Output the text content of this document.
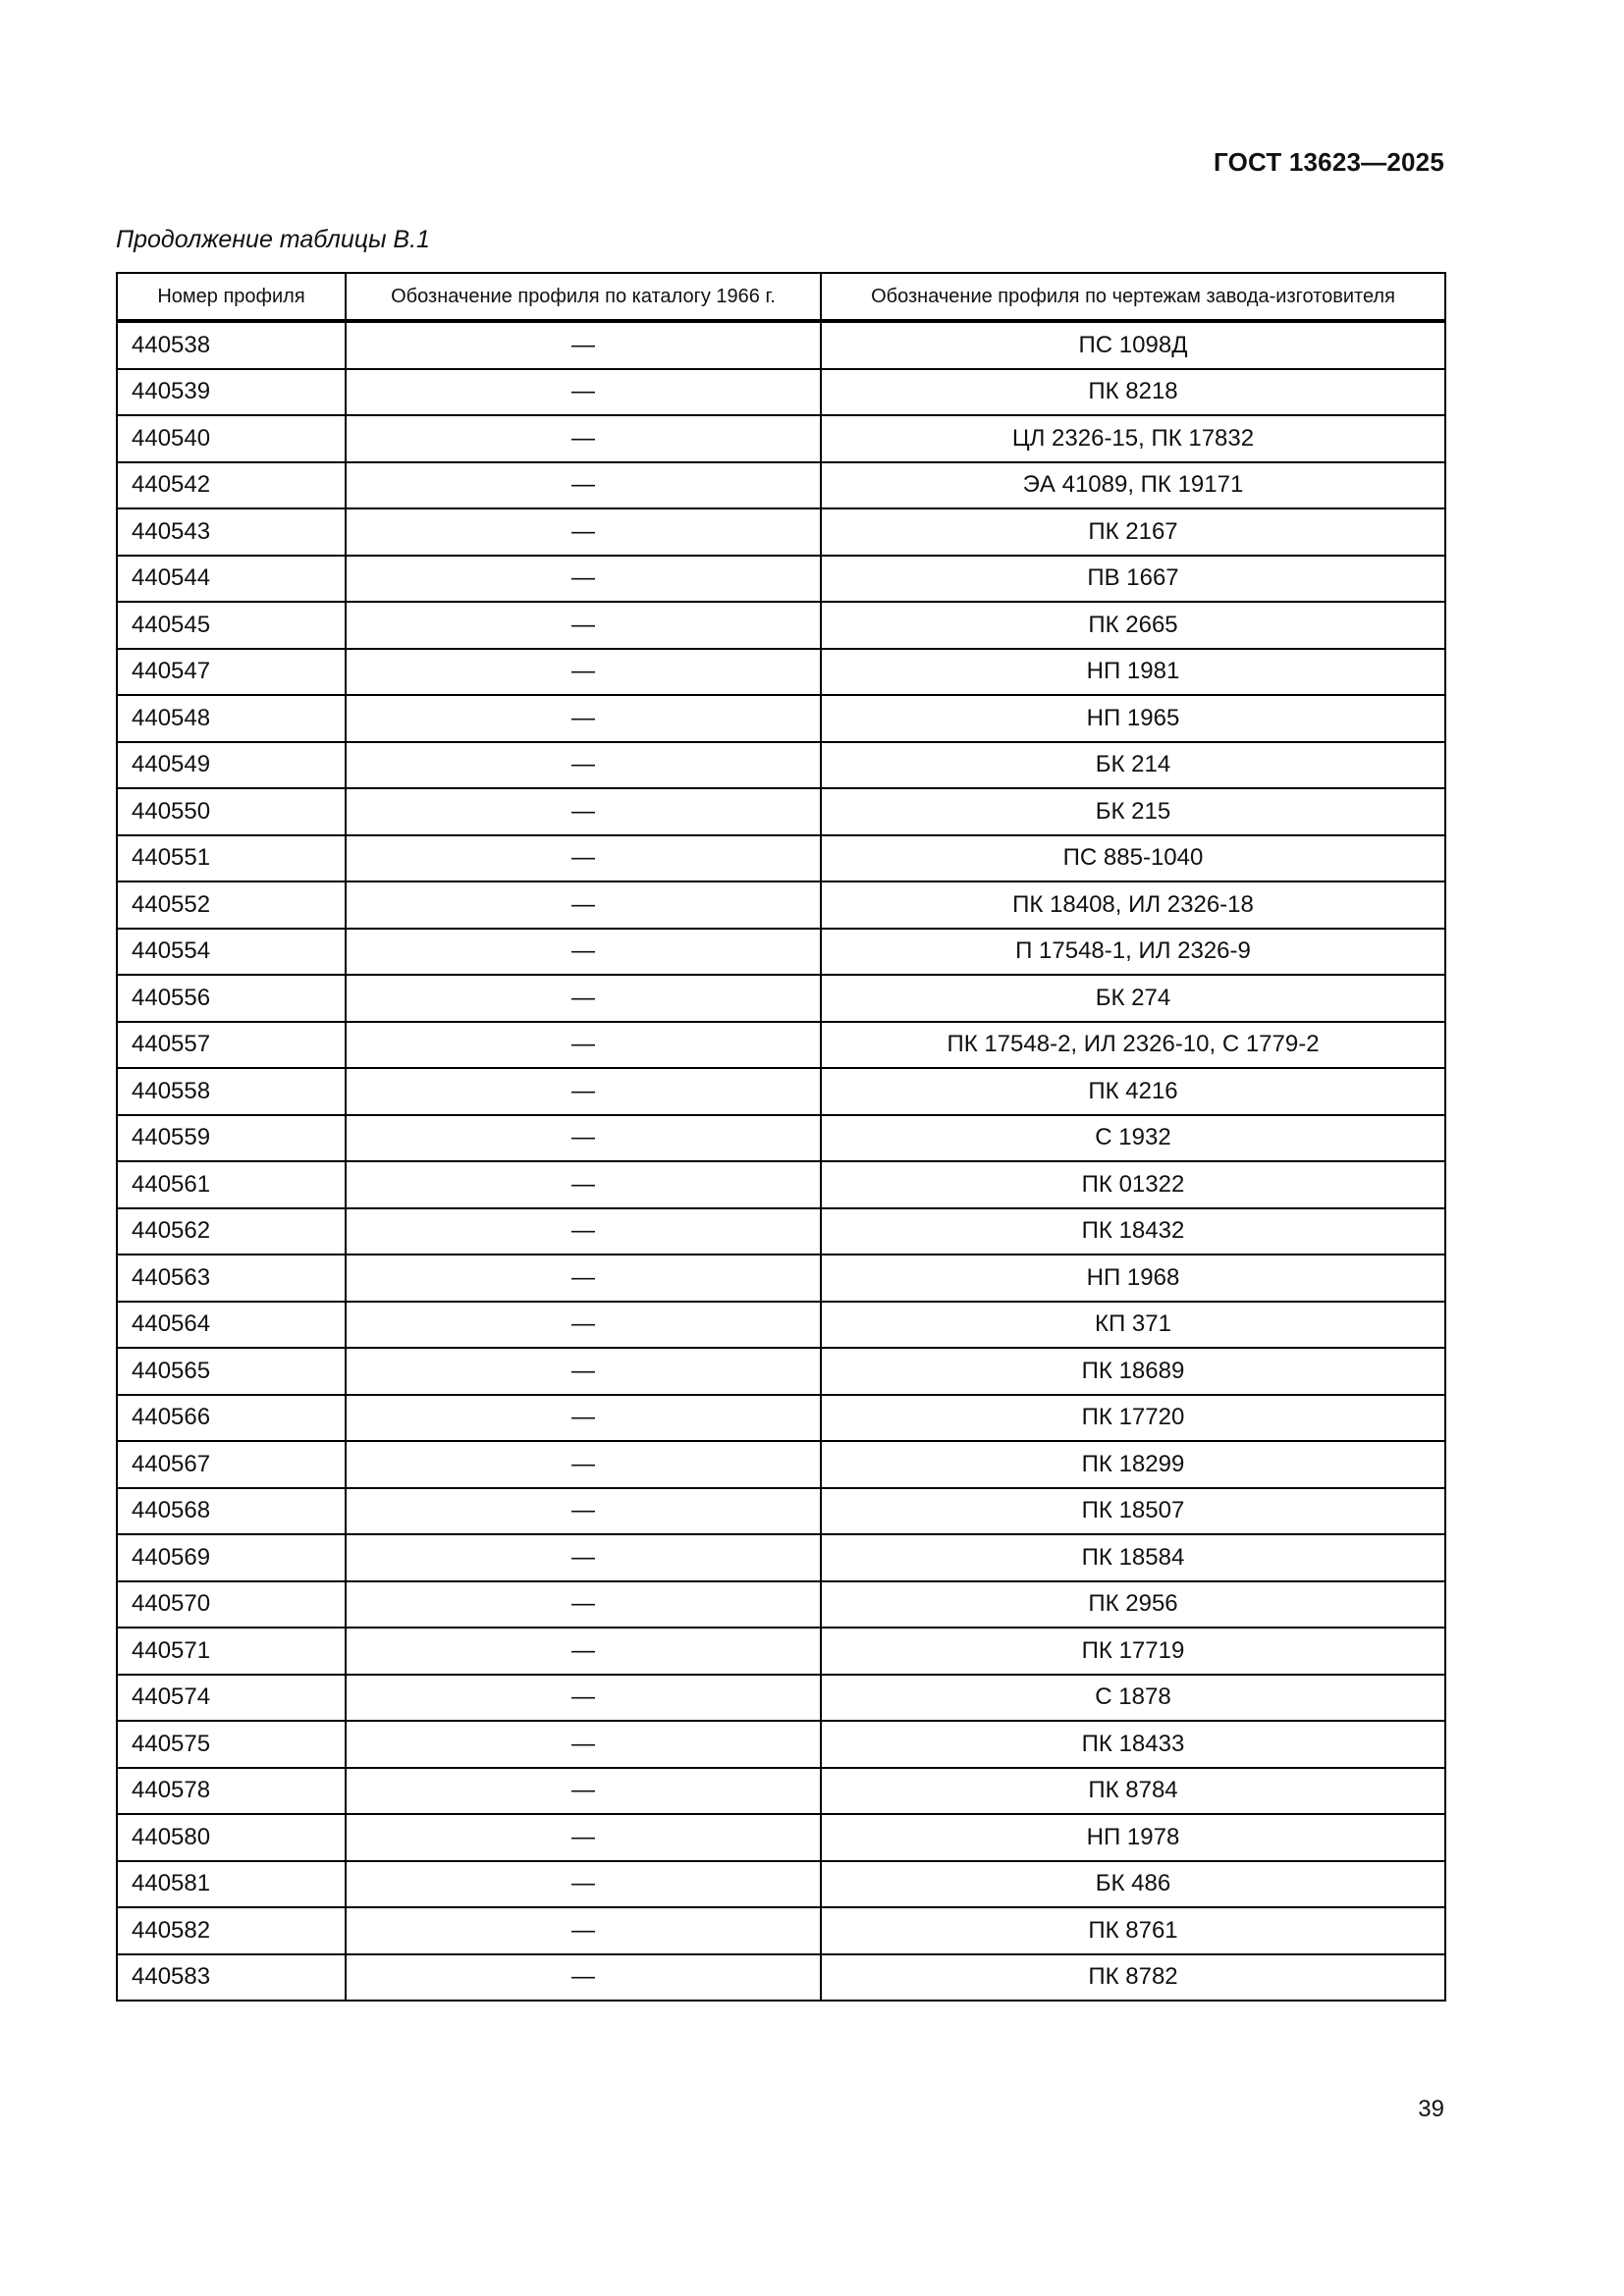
ГОСТ 13623—2025
Продолжение таблицы В.1
Номер профиля	Обозначение профиля по каталогу 1966 г.	Обозначение профиля по чертежам завода-изготовителя
440538	—	ПС 1098Д
440539	—	ПК 8218
440540	—	ЦЛ 2326-15, ПК 17832
440542	—	ЭА 41089, ПК 19171
440543	—	ПК 2167
440544	—	ПВ 1667
440545	—	ПК 2665
440547	—	НП 1981
440548	—	НП 1965
440549	—	БК 214
440550	—	БК 215
440551	—	ПС 885-1040
440552	—	ПК 18408, ИЛ 2326-18
440554	—	П 17548-1, ИЛ 2326-9
440556	—	БК 274
440557	—	ПК 17548-2, ИЛ 2326-10, С 1779-2
440558	—	ПК 4216
440559	—	С 1932
440561	—	ПК 01322
440562	—	ПК 18432
440563	—	НП 1968
440564	—	КП 371
440565	—	ПК 18689
440566	—	ПК 17720
440567	—	ПК 18299
440568	—	ПК 18507
440569	—	ПК 18584
440570	—	ПК 2956
440571	—	ПК 17719
440574	—	С 1878
440575	—	ПК 18433
440578	—	ПК 8784
440580	—	НП 1978
440581	—	БК 486
440582	—	ПК 8761
440583	—	ПК 8782
39
